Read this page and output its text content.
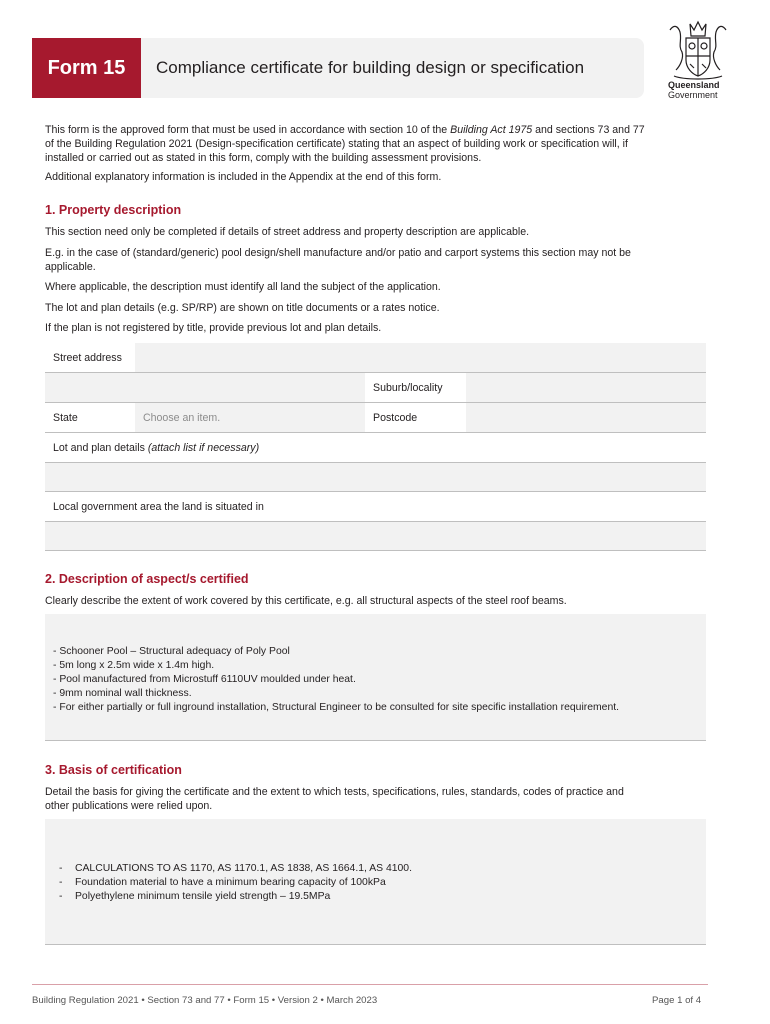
Form 15	Compliance certificate for building design or specification
Queensland
Government
This form is the approved form that must be used in accordance with section 10 of the Building Act 1975 and sections 73 and 77
of the Building Regulation 2021 (Design-specification certificate) stating that an aspect of building work or specification will, if
installed or carried out as stated in this form, comply with the building assessment provisions.
Additional explanatory information is included in the Appendix at the end of this form.
1. Property description
This section need only be completed if details of street address and property description are applicable.
E.g. in the case of (standard/generic) pool design/shell manufacture and/or patio and carport systems this section may not be
applicable.
Where applicable, the description must identify all land the subject of the application.
The lot and plan details (e.g. SP/RP) are shown on title documents or a rates notice.
If the plan is not registered by title, provide previous lot and plan details.
Street address
Suburb/locality
State	Choose an item.	Postcode
Lot and plan details
(attach list if necessary)
Local government area the land is situated in
2. Description of aspect/s certified
Clearly describe the extent of work covered by this certificate, e.g. all structural aspects of the steel roof beams.
- Schooner Pool – Structural adequacy of Poly Pool
- 5m long x 2.5m wide x 1.4m high.
- Pool manufactured from Microstuff 6110UV moulded under heat.
- 9mm nominal wall thickness.
- For either partially or full inground installation, Structural Engineer to be consulted for site specific installation requirement.
3. Basis of certification
Detail the basis for giving the certificate and the extent to which tests, specifications, rules, standards, codes of practice and
other publications were relied upon.
-	CALCULATIONS TO AS 1170, AS 1170.1, AS 1838, AS 1664.1, AS 4100.
-	Foundation material to have a minimum bearing capacity of 100kPa
-	Polyethylene minimum tensile yield strength – 19.5MPa
Building Regulation 2021 • Section 73 and 77 • Form 15 • Version 2 • March 2023	Page 1 of 4
